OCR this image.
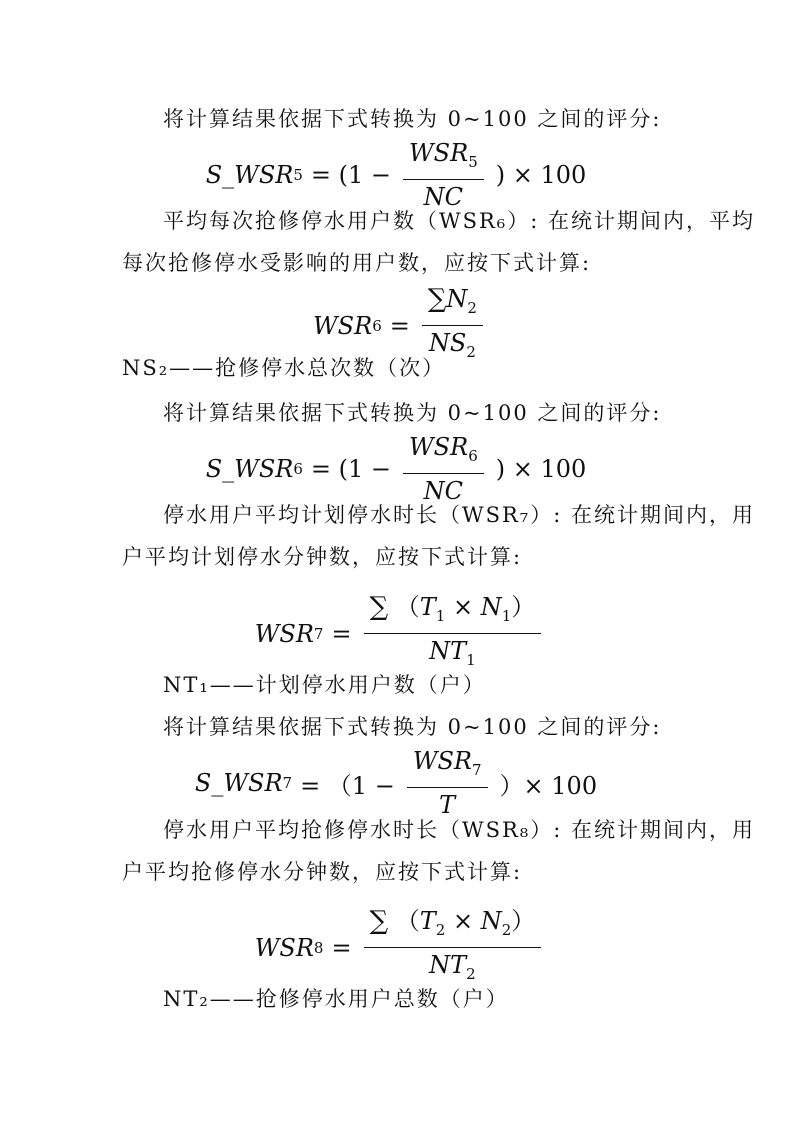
将计算结果依据下式转换为 0~100 之间的评分:
S_WSR $5 = (1 - \frac{WSR_5}{NC}$ ) × 100
平均每次抢修停水用户数（WSR₆）: 在统计期间内，平均
每次抢修停水受影响的用户数，应按下式计算:
WSR $6 = \frac{\sum N_2}{NS_2}$
NS₂——抢修停水总次数（次）
将计算结果依据下式转换为 0~100 之间的评分:
S_WSR $6 = (1 - \frac{WSR_6}{NC}$ ) × 100
停水用户平均计划停水时长（WSR₇）: 在统计期间内，用
户平均计划停水分钟数，应按下式计算:
WSR $7 = \frac{\sum (T_1 \times N_1)}{NT_1}$
NT₁——计划停水用户数（户）
将计算结果依据下式转换为 0~100 之间的评分:
S_WSR $7 = (1 - \frac{WSR_7}{T}$ ）× 100
停水用户平均抢修停水时长（WSR₈）: 在统计期间内，用
户平均抢修停水分钟数，应按下式计算:
WSR $8 = \frac{\sum (T_2 \times N_2)}{NT_2}$
NT₂——抢修停水用户总数（户）
